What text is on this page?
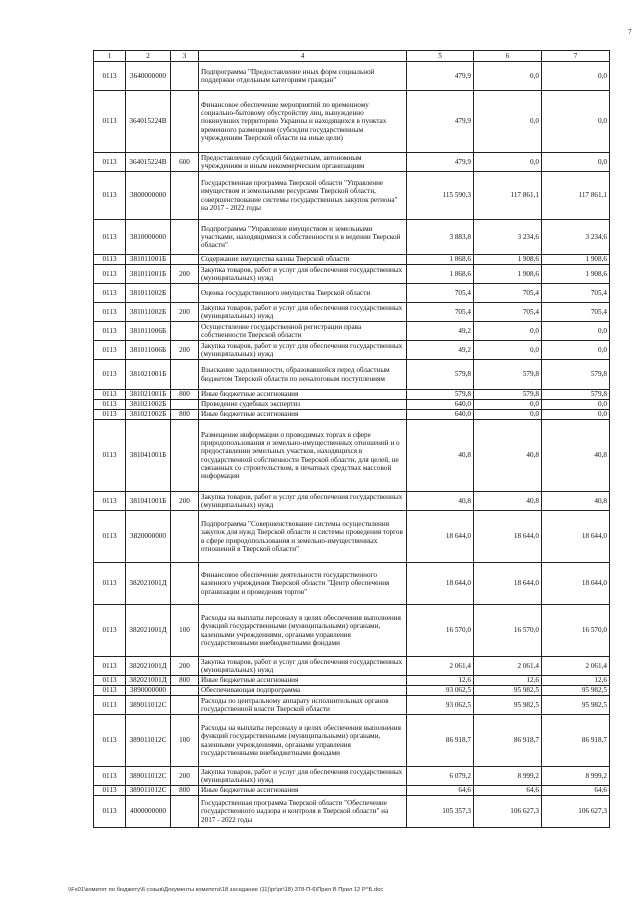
7
1	2	3	4	5	6	7
0113	3640000000		Подпрограмма "Предоставление иных форм социальной поддержки отдельным категориям граждан"	479,9	0,0	0,0
0113	364015224В		Финансовое обеспечение мероприятий по временному социально-бытовому обустройству лиц, вынужденно покинувших территорию Украины и находящихся в пунктах временного размещения (субсидии государственным учреждениям Тверской области на иные цели)	479,9	0,0	0,0
0113	364015224В	600	Предоставление субсидий бюджетным, автономным учреждениям и иным некоммерческим организациям	479,9	0,0	0,0
0113	3800000000		Государственная программа Тверской области "Управление имуществом и земельными ресурсами Тверской области, совершенствование системы государственных закупок региона" на 2017 - 2022 годы	115 590,3	117 861,1	117 861,1
0113	3810000000		Подпрограмма "Управление имуществом и земельными участками, находящимися в собственности и в ведении Тверской области"	3 883,8	3 234,6	3 234,6
0113	381011001Б		Содержание имущества казны Тверской области	1 868,6	1 908,6	1 908,6
0113	381011001Б	200	Закупка товаров, работ и услуг для обеспечения государственных (муниципальных) нужд	1 868,6	1 908,6	1 908,6
0113	381011002Б		Оценка государственного имущества Тверской области	705,4	705,4	705,4
0113	381011002Б	200	Закупка товаров, работ и услуг для обеспечения государственных (муниципальных) нужд	705,4	705,4	705,4
0113	381011006Б		Осуществление государственной регистрации права собственности Тверской области	49,2	0,0	0,0
0113	381011006Б	200	Закупка товаров, работ и услуг для обеспечения государственных (муниципальных) нужд	49,2	0,0	0,0
0113	381021001Б		Взыскание задолженности, образовавшейся перед областным бюджетом Тверской области по неналоговым поступлениям	579,8	579,8	579,8
0113	381021001Б	800	Иные бюджетные ассигнования	579,8	579,8	579,8
0113	381021002Б		Проведение судебных экспертиз	640,0	0,0	0,0
0113	381021002Б	800	Иные бюджетные ассигнования	640,0	0,0	0,0
0113	381041001Б		Размещение информации о проводимых торгах в сфере природопользования и земельно-имущественных отношений и о предоставлении земельных участков, находящихся в государственной собственности Тверской области, для целей, не связанных со строительством, в печатных средствах массовой информации	40,8	40,8	40,8
0113	381041001Б	200	Закупка товаров, работ и услуг для обеспечения государственных (муниципальных) нужд	40,8	40,8	40,8
0113	3820000000		Подпрограмма "Совершенствование системы осуществления закупок для нужд Тверской области и системы проведения торгов в сфере природопользования и земельно-имущественных отношений в Тверской области"	18 644,0	18 644,0	18 644,0
0113	382021001Д		Финансовое обеспечение деятельности государственного казенного учреждения Тверской области "Центр обеспечения организации и проведения торгов"	18 644,0	18 644,0	18 644,0
0113	382021001Д	100	Расходы на выплаты персоналу в целях обеспечения выполнения функций государственными (муниципальными) органами, казенными учреждениями, органами управления государственными внебюджетными фондами	16 570,0	16 570,0	16 570,0
0113	382021001Д	200	Закупка товаров, работ и услуг для обеспечения государственных (муниципальных) нужд	2 061,4	2 061,4	2 061,4
0113	382021001Д	800	Иные бюджетные ассигнования	12,6	12,6	12,6
0113	3890000000		Обеспечивающая подпрограмма	93 062,5	95 982,5	95 982,5
0113	389011012С		Расходы по центральному аппарату исполнительных органов государственной власти Тверской области	93 062,5	95 982,5	95 982,5
0113	389011012С	100	Расходы на выплаты персоналу в целях обеспечения выполнения функций государственными (муниципальными) органами, казенными учреждениями, органами управления государственными внебюджетными фондами	86 918,7	86 918,7	86 918,7
0113	389011012С	200	Закупка товаров, работ и услуг для обеспечения государственных (муниципальных) нужд	6 079,2	8 999,2	8 999,2
0113	389011012С	800	Иные бюджетные ассигнования	64,6	64,6	64,6
0113	4000000000		Государственная программа Тверской области "Обеспечение государственного надзора и контроля в Тверской области" на 2017 - 2022 годы	105 357,3	106 627,3	106 627,3
\\Fs01\комитет по бюджету\6 созыв\Документы комитета\18 заседание (11)\pr\pr\18) 378-П-6\Прил В Прил 12 Р^Б.doc
